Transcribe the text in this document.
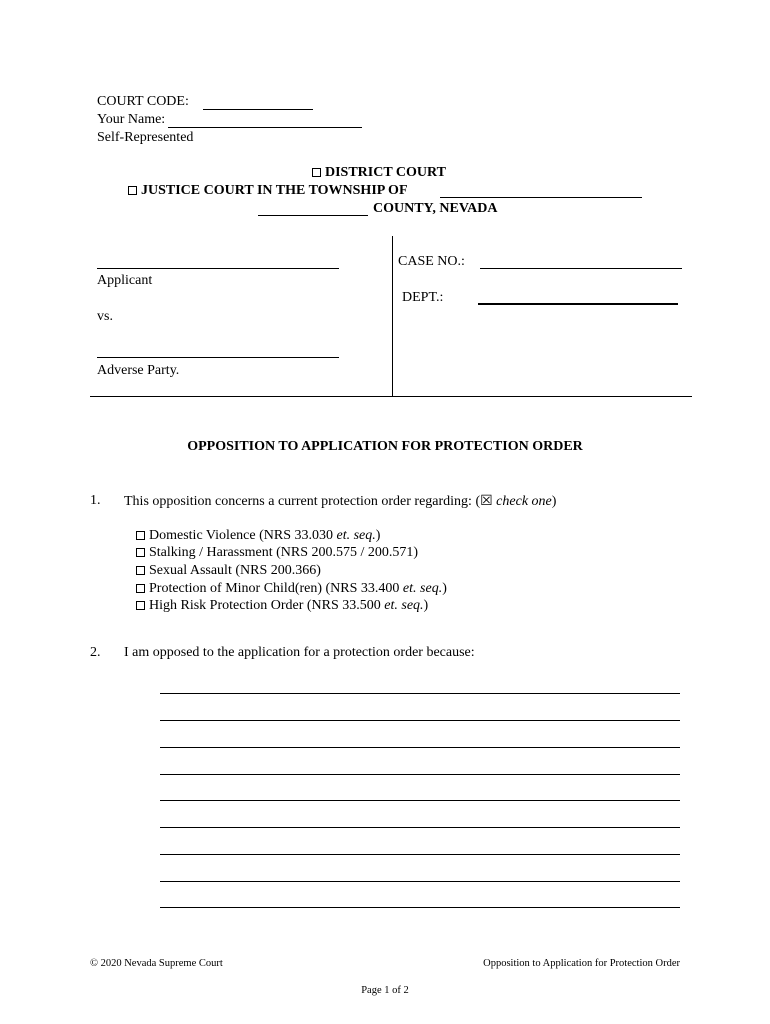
COURT CODE:
Your Name:
Self-Represented
DISTRICT COURT
JUSTICE COURT IN THE TOWNSHIP OF
COUNTY, NEVADA
Applicant
vs.
Adverse Party.
CASE NO.:
DEPT.:
OPPOSITION TO APPLICATION FOR PROTECTION ORDER
1. This opposition concerns a current protection order regarding: (☒ check one)
Domestic Violence (NRS 33.030 et. seq.)
Stalking / Harassment (NRS 200.575 / 200.571)
Sexual Assault (NRS 200.366)
Protection of Minor Child(ren) (NRS 33.400 et. seq.)
High Risk Protection Order (NRS 33.500 et. seq.)
2. I am opposed to the application for a protection order because:
© 2020 Nevada Supreme Court	Opposition to Application for Protection Order
Page 1 of 2
